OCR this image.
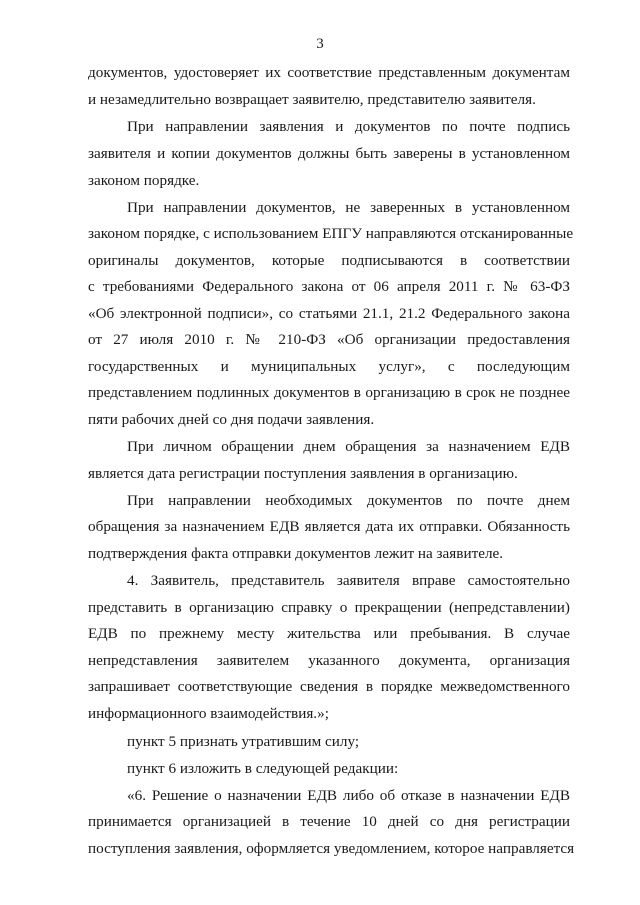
3
документов, удостоверяет их соответствие представленным документам
и незамедлительно возвращает заявителю, представителю заявителя.
При направлении заявления и документов по почте подпись
заявителя и копии документов должны быть заверены в установленном
законом порядке.
При направлении документов, не заверенных в установленном
законом порядке, с использованием ЕПГУ направляются отсканированные
оригиналы документов, которые подписываются в соответствии
с требованиями Федерального закона от 06 апреля 2011 г. № 63-ФЗ
«Об электронной подписи», со статьями 21.1, 21.2 Федерального закона
от 27 июля 2010 г. № 210-ФЗ «Об организации предоставления
государственных и муниципальных услуг», с последующим
представлением подлинных документов в организацию в срок не позднее
пяти рабочих дней со дня подачи заявления.
При личном обращении днем обращения за назначением ЕДВ
является дата регистрации поступления заявления в организацию.
При направлении необходимых документов по почте днем
обращения за назначением ЕДВ является дата их отправки. Обязанность
подтверждения факта отправки документов лежит на заявителе.
4. Заявитель, представитель заявителя вправе самостоятельно
представить в организацию справку о прекращении (непредставлении)
ЕДВ по прежнему месту жительства или пребывания. В случае
непредставления заявителем указанного документа, организация
запрашивает соответствующие сведения в порядке межведомственного
информационного взаимодействия.»;
пункт 5 признать утратившим силу;
пункт 6 изложить в следующей редакции:
«6. Решение о назначении ЕДВ либо об отказе в назначении ЕДВ
принимается организацией в течение 10 дней со дня регистрации
поступления заявления, оформляется уведомлением, которое направляется
